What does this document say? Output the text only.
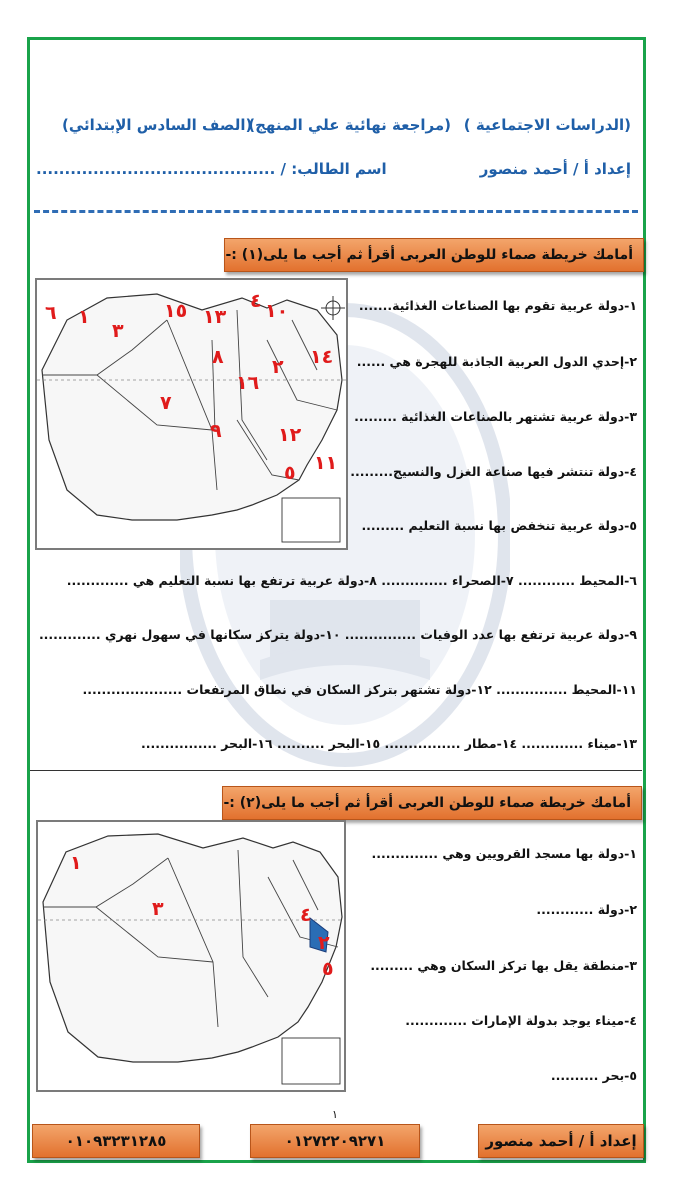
(الدراسات الاجتماعية )
(مراجعة نهائية علي المنهج)
(الصف السادس الإبتدائي)
إعداد أ / أحمد منصور
اسم الطالب: / ..........................................
أمامك خريطة صماء للوطن العربى أقرأ ثم أجب ما يلى(١) :-
٦ ١
٣
١٥ ١٣
٤ ١٠
٨	٢ ١٤
١٦
٧
٩	١٢
١١
٥
١-دولة عربية تقوم بها الصناعات الغذائية.......
٢-إحدي الدول العربية الجاذبة للهجرة هي ......
٣-دولة عربية تشتهر بالصناعات الغذائية .........
٤-دولة تنتشر فيها صناعة الغزل والنسيج.........
٥-دولة عربية تنخفض بها نسبة التعليم .........
٦-المحيط ............ ٧-الصحراء .............. ٨-دولة عربية ترتفع بها نسبة التعليم هي .............
٩-دولة عربية ترتفع بها عدد الوفيات ............... ١٠-دولة يتركز سكانها في سهول نهري .............
١١-المحيط ............... ١٢-دولة تشتهر بتركز السكان في نطاق المرتفعات .....................
١٣-ميناء ............. ١٤-مطار ................ ١٥-البحر .......... ١٦-البحر ................
أمامك خريطة صماء للوطن العربى أقرأ ثم أجب ما يلى(٢) :-
١
٣	٤
٢
٥
١-دولة بها مسجد القرويين وهي ..............
٢-دولة ............
٣-منطقة يقل بها تركز السكان وهي .........
٤-ميناء يوجد بدولة الإمارات .............
٥-بحر ..........
١
إعداد أ / أحمد منصور
٠١٢٧٢٢٠٩٢٧١
٠١٠٩٣٢٣١٢٨٥
